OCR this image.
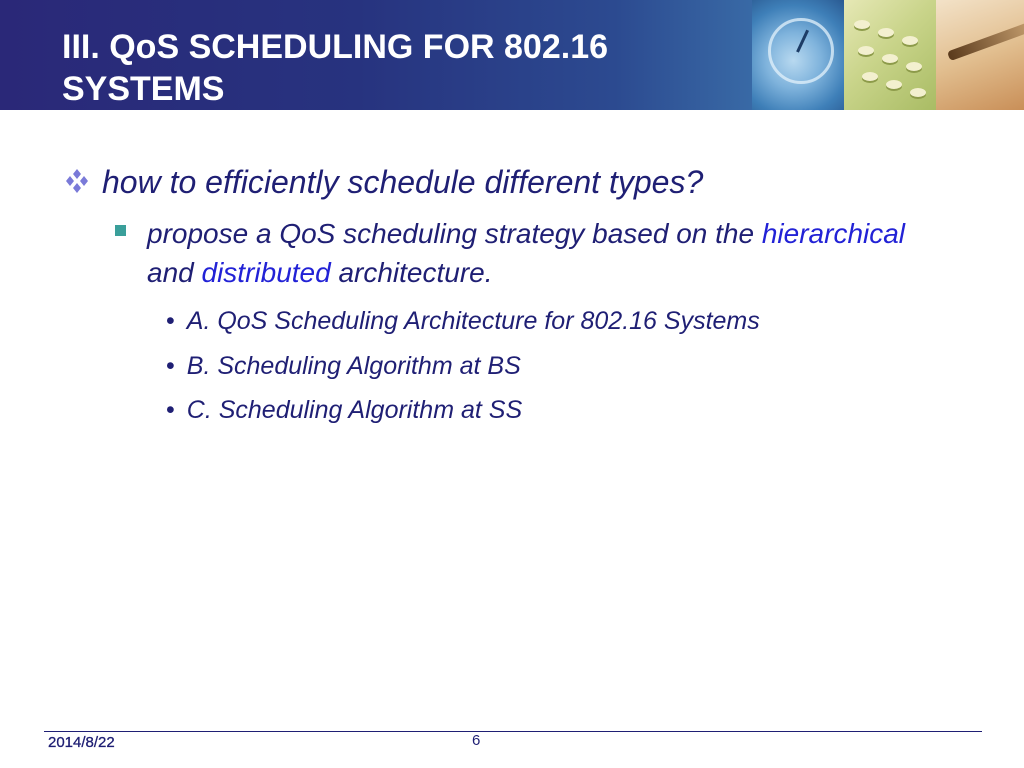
III. QoS SCHEDULING FOR 802.16
SYSTEMS
how to efficiently schedule different types?
propose a QoS scheduling strategy based on the hierarchical and distributed architecture.
• A. QoS Scheduling Architecture for 802.16 Systems
• B. Scheduling Algorithm at BS
• C. Scheduling Algorithm at SS
2014/8/22	6
